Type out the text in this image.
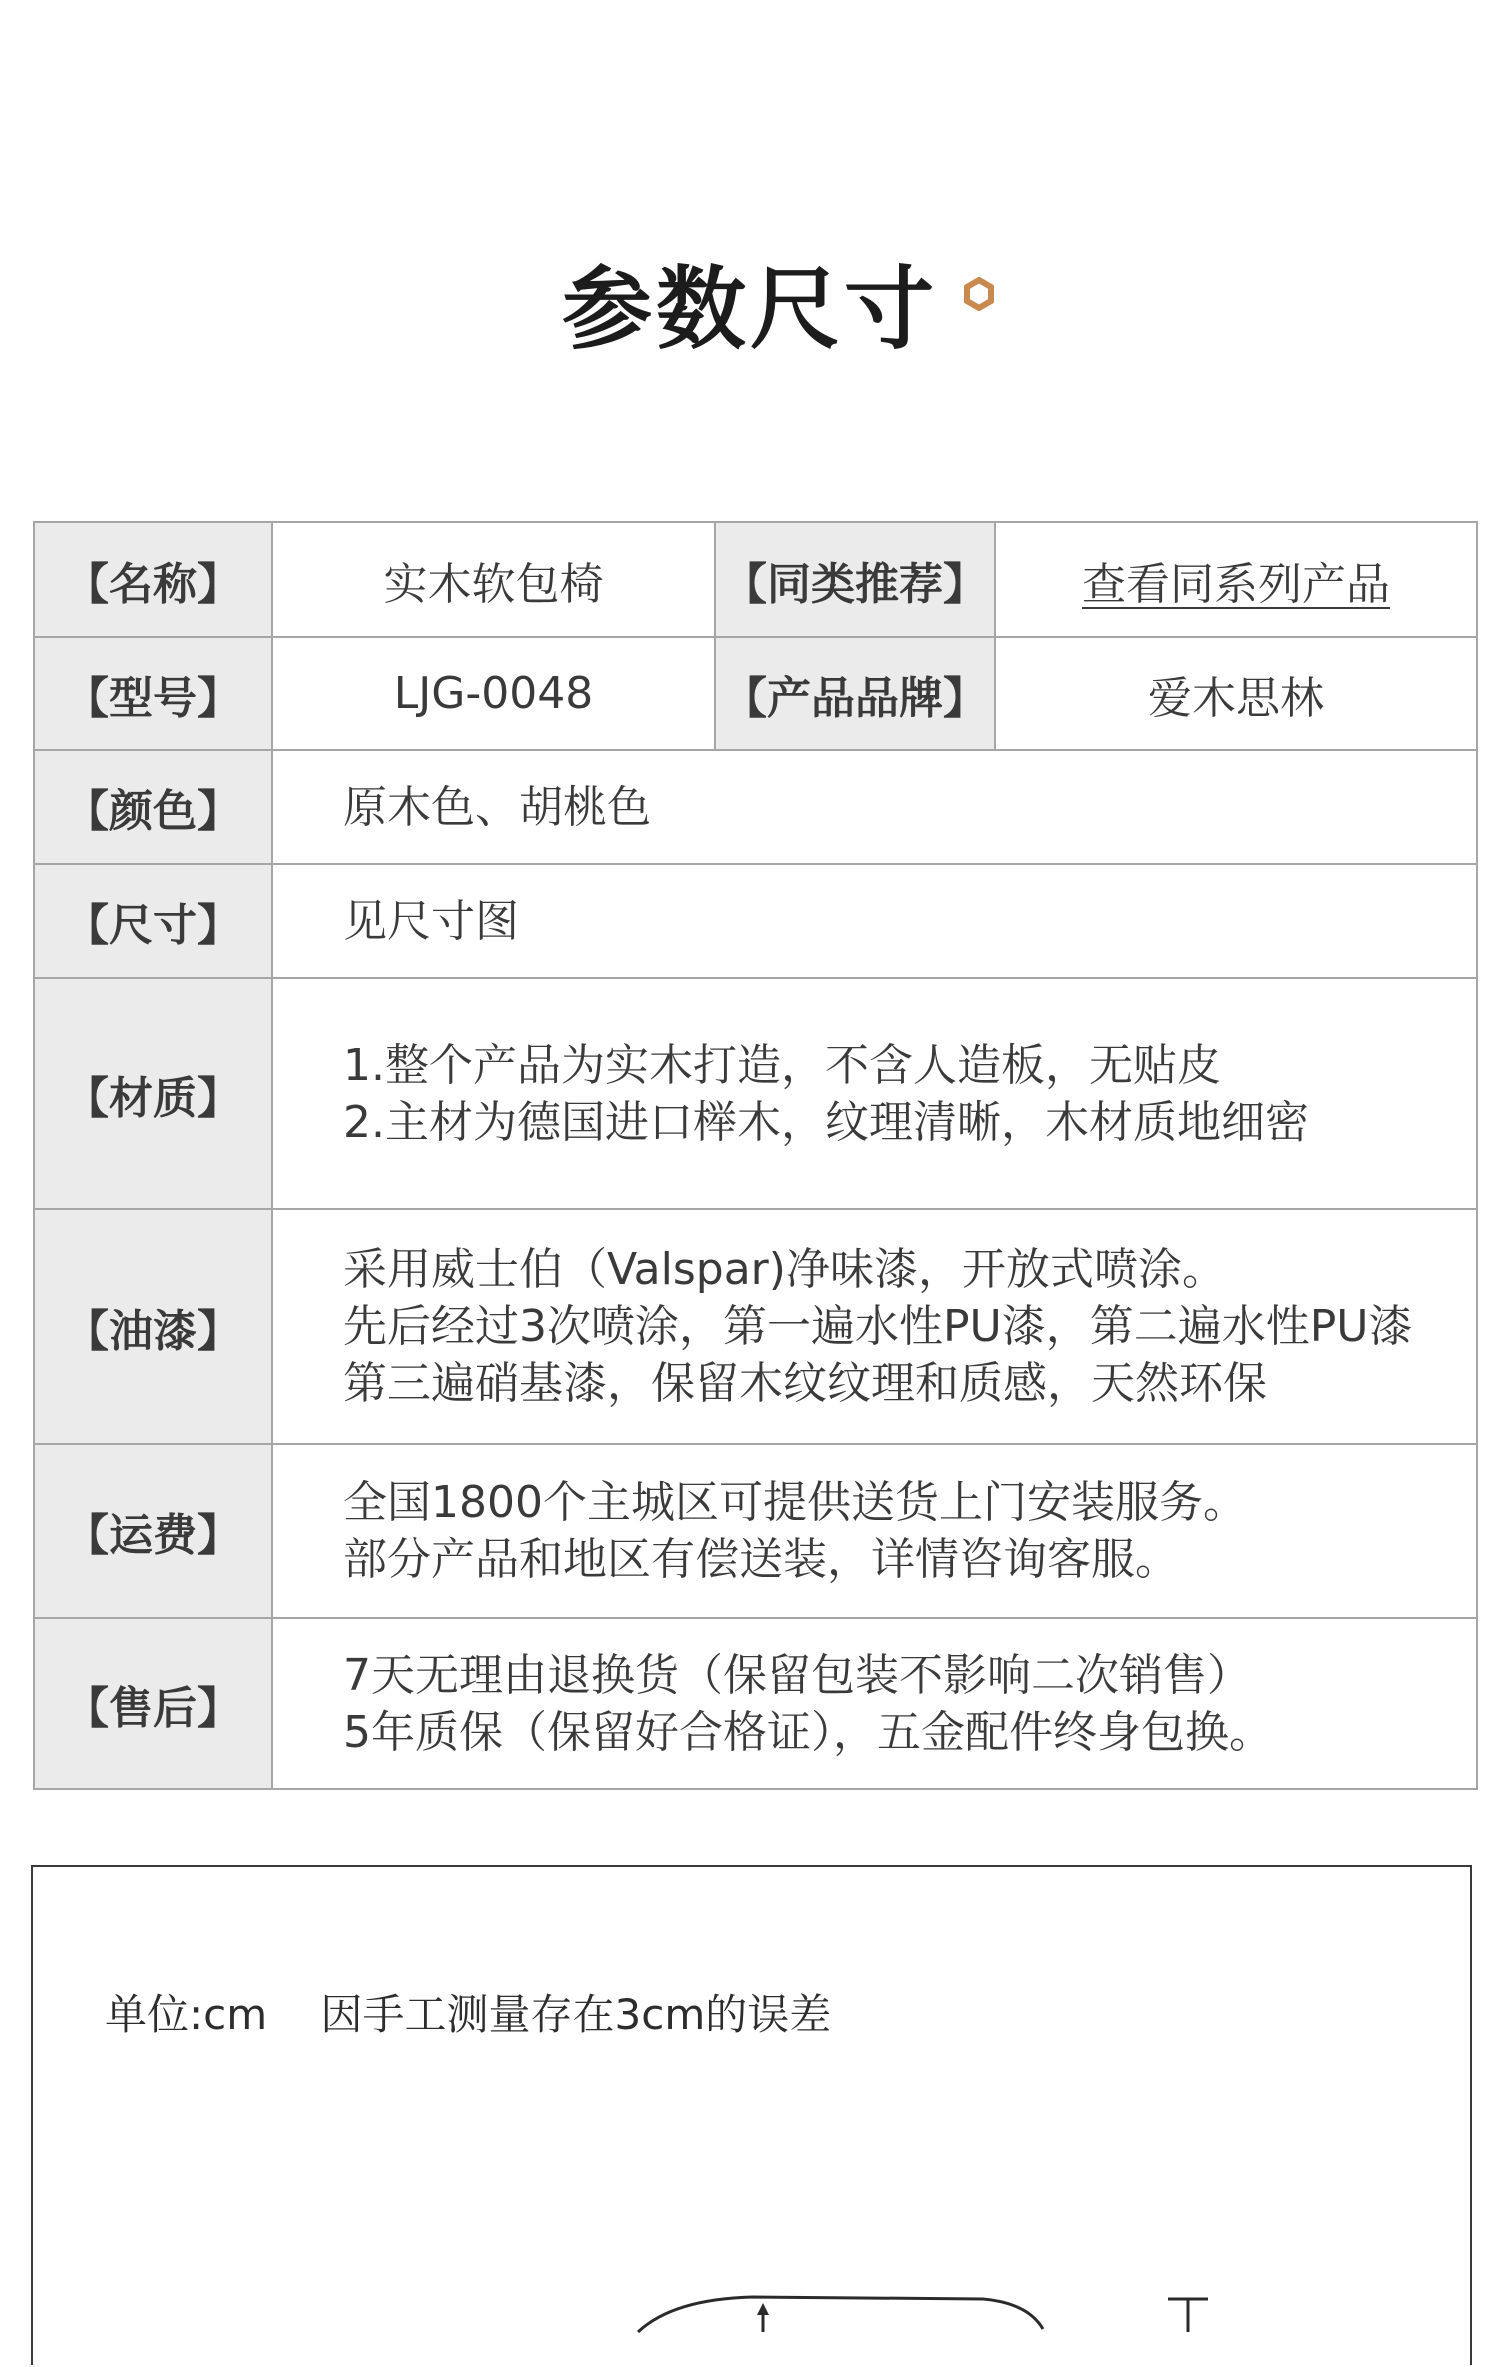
参数尺寸
【名称】	实木软包椅	【同类推荐】	查看同系列产品
【型号】	LJG-0048	【产品品牌】	爱木思林
【颜色】	原木色、胡桃色		
【尺寸】	见尺寸图		
【材质】	1.整个产品为实木打造，不含人造板，无贴皮
2.主材为德国进口榉木，纹理清晰，木材质地细密		

【油漆】	采用威士伯（Valspar)净味漆，开放式喷涂。
先后经过3次喷涂，第一遍水性PU漆，第二遍水性PU漆
第三遍硝基漆，保留木纹纹理和质感，天然环保		

【运费】	全国1800个主城区可提供送货上门安装服务。
部分产品和地区有偿送装，详情咨询客服。		

【售后】	7天无理由退换货（保留包装不影响二次销售）
5年质保（保留好合格证），五金配件终身包换。		
单位:cm    因手工测量存在3cm的误差
